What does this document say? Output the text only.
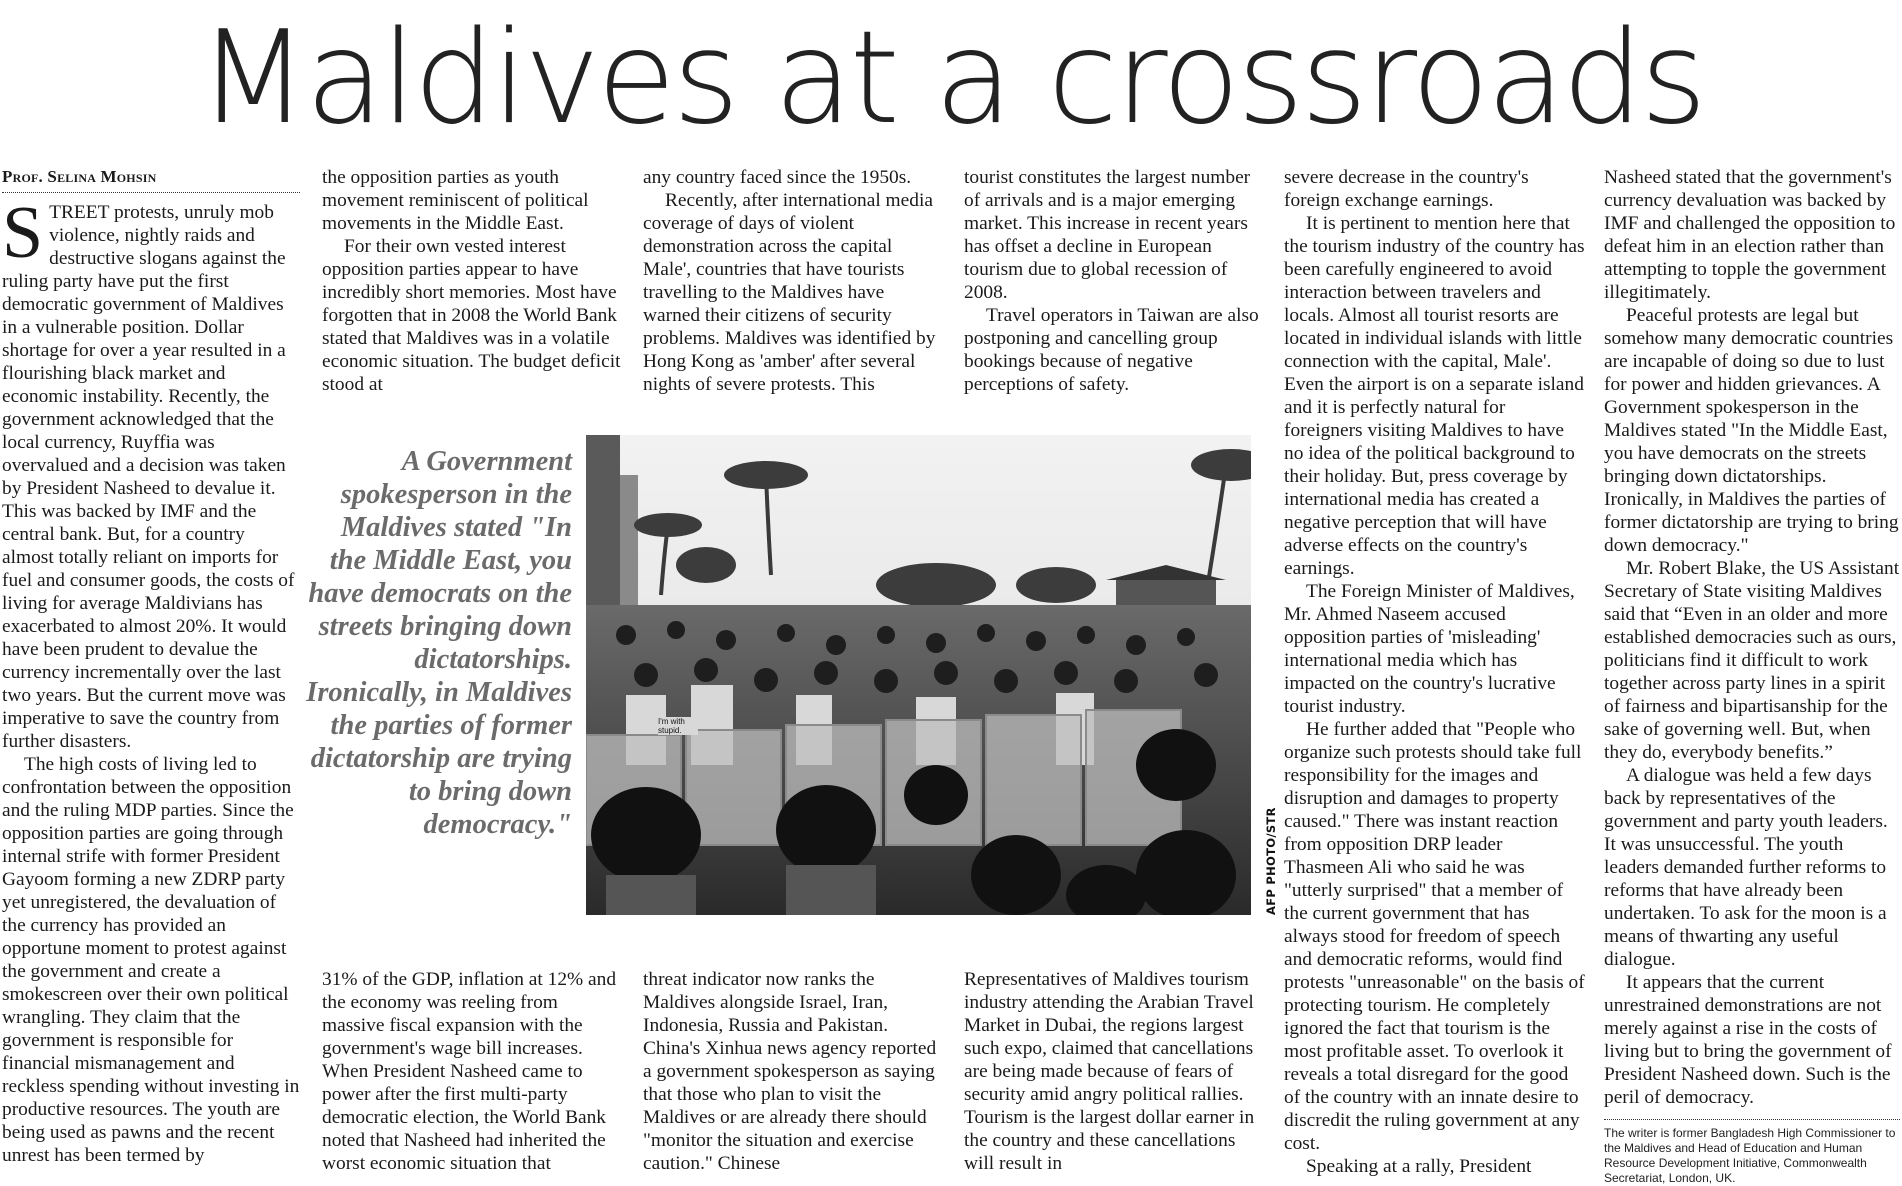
Maldives at a crossroads
Prof. Selina Mohsin
S TREET protests, unruly mob violence, nightly raids and destructive slogans against the ruling party have put the first democratic government of Maldives in a vulnerable position. Dollar shortage for over a year resulted in a flourishing black market and economic instability. Recently, the government acknowledged that the local currency, Ruyffia was overvalued and a decision was taken by President Nasheed to devalue it. This was backed by IMF and the central bank. But, for a country almost totally reliant on imports for fuel and consumer goods, the costs of living for average Maldivians has exacerbated to almost 20%. It would have been prudent to devalue the currency incrementally over the last two years. But the current move was imperative to save the country from further disasters.

The high costs of living led to confrontation between the opposition and the ruling MDP parties. Since the opposition parties are going through internal strife with former President Gayoom forming a new ZDRP party yet unregistered, the devaluation of the currency has provided an opportune moment to protest against the government and create a smokescreen over their own political wrangling. They claim that the government is responsible for financial mismanagement and reckless spending without investing in productive resources. The youth are being used as pawns and the recent unrest has been termed by

the opposition parties as youth movement reminiscent of political movements in the Middle East.

For their own vested interest opposition parties appear to have incredibly short memories. Most have forgotten that in 2008 the World Bank stated that Maldives was in a volatile economic situation. The budget deficit stood at

31% of the GDP, inflation at 12% and the economy was reeling from massive fiscal expansion with the government's wage bill increases. When President Nasheed came to power after the first multi-party democratic election, the World Bank noted that Nasheed had inherited the worst economic situation that

any country faced since the 1950s.

Recently, after international media coverage of days of violent demonstration across the capital Male', countries that have tourists travelling to the Maldives have warned their citizens of security problems. Maldives was identified by Hong Kong as 'amber' after several nights of severe protests. This

threat indicator now ranks the Maldives alongside Israel, Iran, Indonesia, Russia and Pakistan. China's Xinhua news agency reported a government spokesperson as saying that those who plan to visit the Maldives or are already there should "monitor the situation and exercise caution." Chinese

tourist constitutes the largest number of arrivals and is a major emerging market. This increase in recent years has offset a decline in European tourism due to global recession of 2008.

Travel operators in Taiwan are also postponing and cancelling group bookings because of negative perceptions of safety.

Representatives of Maldives tourism industry attending the Arabian Travel Market in Dubai, the regions largest such expo, claimed that cancellations are being made because of fears of security amid angry political rallies. Tourism is the largest dollar earner in the country and these cancellations will result in

severe decrease in the country's foreign exchange earnings.

It is pertinent to mention here that the tourism industry of the country has been carefully engineered to avoid interaction between travelers and locals. Almost all tourist resorts are located in individual islands with little connection with the capital, Male'. Even the airport is on a separate island and it is perfectly natural for foreigners visiting Maldives to have no idea of the political background to their holiday. But, press coverage by international media has created a negative perception that will have adverse effects on the country's earnings.

The Foreign Minister of Maldives, Mr. Ahmed Naseem accused opposition parties of 'misleading' international media which has impacted on the country's lucrative tourist industry.

He further added that "People who organize such protests should take full responsibility for the images and disruption and damages to property caused." There was instant reaction from opposition DRP leader Thasmeen Ali who said he was "utterly surprised" that a member of the current government that has always stood for freedom of speech and democratic reforms, would find protests "unreasonable" on the basis of protecting tourism. He completely ignored the fact that tourism is the most profitable asset. To overlook it reveals a total disregard for the good of the country with an innate desire to discredit the ruling government at any cost.

Speaking at a rally, President

Nasheed stated that the government's currency devaluation was backed by IMF and challenged the opposition to defeat him in an election rather than attempting to topple the government illegitimately.

Peaceful protests are legal but somehow many democratic countries are incapable of doing so due to lust for power and hidden grievances. A Government spokesperson in the Maldives stated "In the Middle East, you have democrats on the streets bringing down dictatorships. Ironically, in Maldives the parties of former dictatorship are trying to bring down democracy."

Mr. Robert Blake, the US Assistant Secretary of State visiting Maldives said that “Even in an older and more established democracies such as ours, politicians find it difficult to work together across party lines in a spirit of fairness and bipartisanship for the sake of governing well. But, when they do, everybody benefits.”

A dialogue was held a few days back by representatives of the government and party youth leaders. It was unsuccessful. The youth leaders demanded further reforms to reforms that have already been undertaken. To ask for the moon is a means of thwarting any useful dialogue.

It appears that the current unrestrained demonstrations are not merely against a rise in the costs of living but to bring the government of President Nasheed down. Such is the peril of democracy.

The writer is former Bangladesh High Commissioner to the Maldives and Head of Education and Human Resource Development Initiative, Commonwealth Secretariat, London, UK.
A Government spokesperson in the Maldives stated "In the Middle East, you have democrats on the streets bringing down dictatorships. Ironically, in Maldives the parties of former dictatorship are trying to bring down democracy."
I'm with stupid.
AFP PHOTO/STR
